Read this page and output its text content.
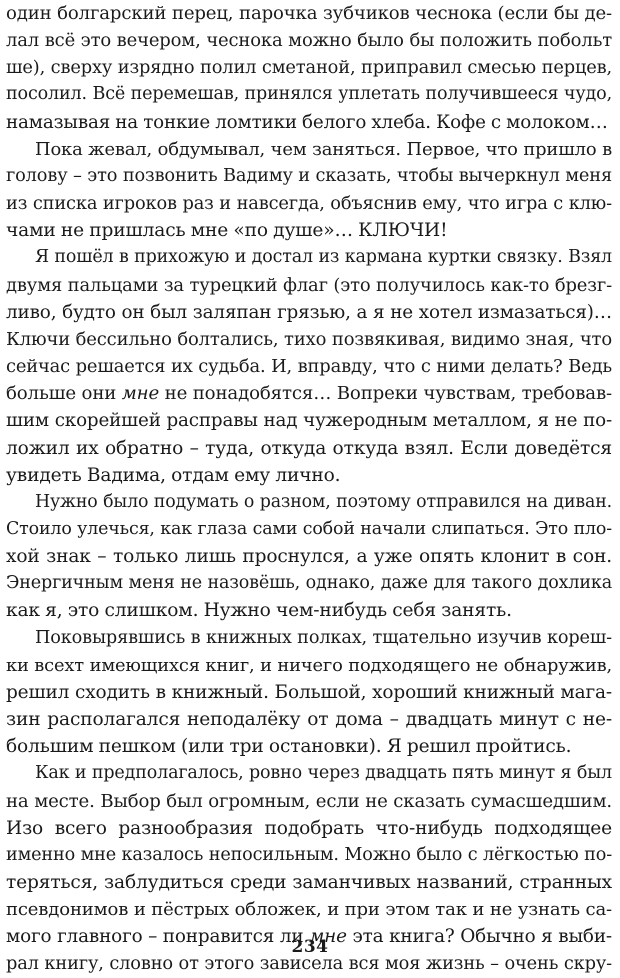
один болгарский перец, парочка зубчиков чеснока (если бы де-
лал всё это вечером, чеснока можно было бы положить побольт
ше), сверху изрядно полил сметаной, приправил смесью перцев,
посолил. Всё перемешав, принялся уплетать получившееся чудо,
намазывая на тонкие ломтики белого хлеба. Кофе с молоком…
Пока жевал, обдумывал, чем заняться. Первое, что пришло в
голову – это позвонить Вадиму и сказать, чтобы вычеркнул меня
из списка игроков раз и навсегда, объяснив ему, что игра с клю-
чами не пришлась мне «по душе»… КЛЮЧИ!
Я пошёл в прихожую и достал из кармана куртки связку. Взял
двумя пальцами за турецкий флаг (это получилось как-то брезг-
ливо, будто он был заляпан грязью, а я не хотел измазаться)…
Ключи бессильно болтались, тихо позвякивая, видимо зная, что
сейчас решается их судьба. И, вправду, что с ними делать? Ведь
больше они мне не понадобятся… Вопреки чувствам, требовав-
шим скорейшей расправы над чужеродным металлом, я не по-
ложил их обратно – туда, откуда откуда взял. Если доведётся
увидеть Вадима, отдам ему лично.
Нужно было подумать о разном, поэтому отправился на диван.
Стоило улечься, как глаза сами собой начали слипаться. Это пло-
хой знак – только лишь проснулся, а уже опять клонит в сон.
Энергичным меня не назовёшь, однако, даже для такого дохлика
как я, это слишком. Нужно чем-нибудь себя занять.
Поковырявшись в книжных полках, тщательно изучив кореш-
ки всехт имеющихся книг, и ничего подходящего не обнаружив,
решил сходить в книжный. Большой, хороший книжный мага-
зин располагался неподалёку от дома – двадцать минут с не-
большим пешком (или три остановки). Я решил пройтись.
Как и предполагалось, ровно через двадцать пять минут я был
на месте. Выбор был огромным, если не сказать сумасшедшим.
Изо всего разнообразия подобрать что-нибудь подходящее
именно мне казалось непосильным. Можно было с лёгкостью по-
теряться, заблудиться среди заманчивых названий, странных
псевдонимов и пёстрых обложек, и при этом так и не узнать са-
мого главного – понравится ли мне эта книга? Обычно я выби-
рал книгу, словно от этого зависела вся моя жизнь – очень скру-
234
